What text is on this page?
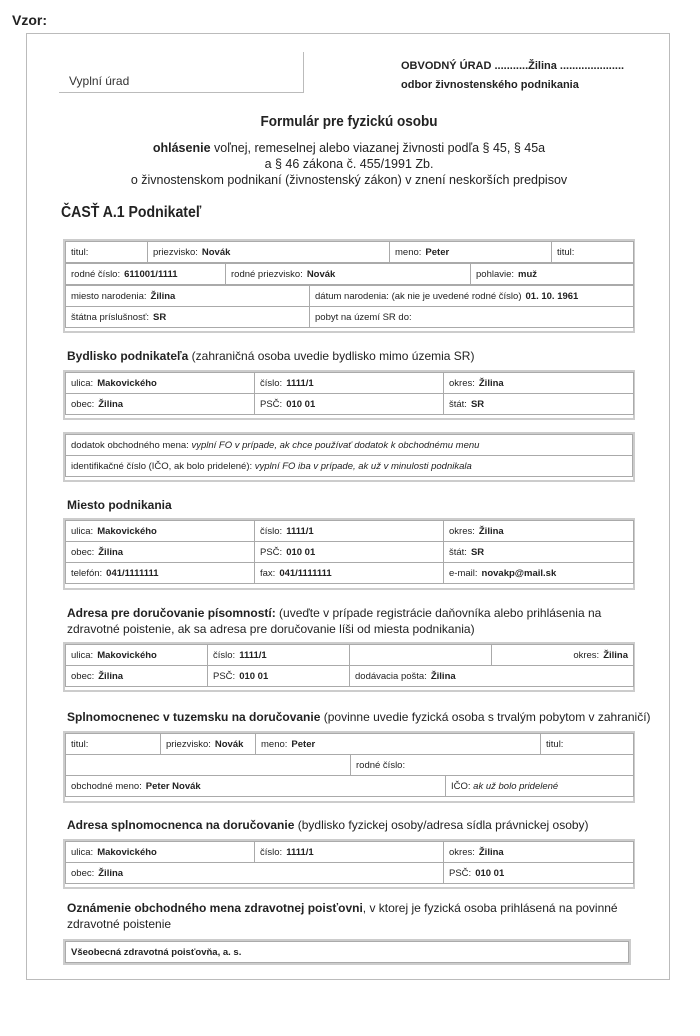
Vzor:
Vyplní úrad
OBVODNÝ ÚRAD ...........Žilina .....................
odbor živnostenského podnikania
Formulár pre fyzickú osobu
ohlásenie voľnej, remeselnej alebo viazanej živnosti podľa § 45, § 45a
a § 46 zákona č. 455/1991 Zb.
o živnostenskom podnikaní (živnostenský zákon) v znení neskorších predpisov
ČASŤ A.1 Podnikateľ
titul:	priezvisko: Novák	meno: Peter	titul:
rodné číslo: 611001/1111	rodné priezvisko: Novák	pohlavie: muž
miesto narodenia: Žilina	dátum narodenia: (ak nie je uvedené rodné číslo) 01. 10. 1961
štátna príslušnosť: SR	pobyt na území SR do:
Bydlisko podnikateľa (zahraničná osoba uvedie bydlisko mimo územia SR)
ulica: Makovického	číslo: 1111/1	okres: Žilina
obec: Žilina	PSČ: 010 01	štát: SR
dodatok obchodného mena: vyplní FO v prípade, ak chce používať dodatok k obchodnému menu
identifikačné číslo (IČO, ak bolo pridelené): vyplní FO iba v prípade, ak už v minulosti podnikala
Miesto podnikania
ulica: Makovického	číslo: 1111/1	okres: Žilina
obec: Žilina	PSČ: 010 01	štát: SR
telefón: 041/1111111	fax: 041/1111111	e-mail: novakp@mail.sk
Adresa pre doručovanie písomností: (uveďte v prípade registrácie daňovníka alebo prihlásenia na zdravotné poistenie, ak sa adresa pre doručovanie líši od miesta podnikania)
ulica: Makovického	číslo: 1111/1		okres: Žilina
obec: Žilina	PSČ: 010 01	dodávacia pošta: Žilina	
Splnomocnenec v tuzemsku na doručovanie (povinne uvedie fyzická osoba s trvalým pobytom v zahraničí)
titul:	priezvisko: Novák	meno: Peter			titul:
			rodné číslo:		
obchodné meno: Peter Novák				IČO: ak už bolo pridelené	
Adresa splnomocnenca na doručovanie (bydlisko fyzickej osoby/adresa sídla právnickej osoby)
ulica: Makovického	číslo: 1111/1	okres: Žilina
obec: Žilina		PSČ: 010 01
Oznámenie obchodného mena zdravotnej poisťovni, v ktorej je fyzická osoba prihlásená na povinné zdravotné poistenie
Všeobecná zdravotná poisťovňa, a. s.
